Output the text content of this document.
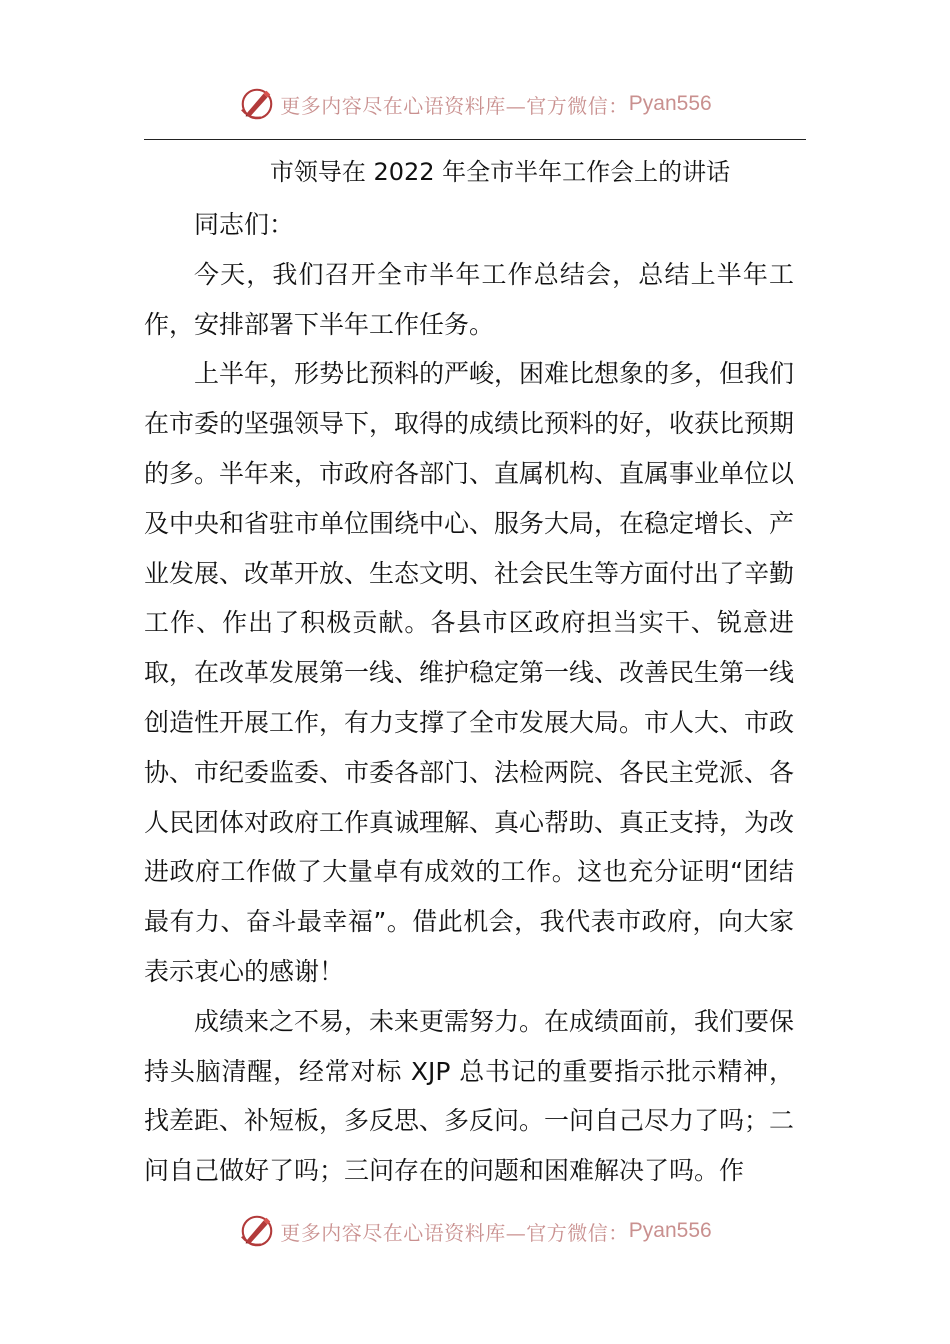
更多内容尽在心语资料库—官方微信： Pyan556
市领导在 2022 年全市半年工作会上的讲话

同志们：

今天，我们召开全市半年工作总结会，总结上半年工作，安排部署下半年工作任务。

上半年，形势比预料的严峻，困难比想象的多，但我们在市委的坚强领导下，取得的成绩比预料的好，收获比预期的多。半年来，市政府各部门、直属机构、直属事业单位以及中央和省驻市单位围绕中心、服务大局，在稳定增长、产业发展、改革开放、生态文明、社会民生等方面付出了辛勤工作、作出了积极贡献。各县市区政府担当实干、锐意进取，在改革发展第一线、维护稳定第一线、改善民生第一线创造性开展工作，有力支撑了全市发展大局。市人大、市政协、市纪委监委、市委各部门、法检两院、各民主党派、各人民团体对政府工作真诚理解、真心帮助、真正支持，为改进政府工作做了大量卓有成效的工作。这也充分证明“团结最有力、奋斗最幸福”。借此机会，我代表市政府，向大家表示衷心的感谢！

成绩来之不易，未来更需努力。在成绩面前，我们要保持头脑清醒，经常对标 XJP 总书记的重要指示批示精神，找差距、补短板，多反思、多反问。一问自己尽力了吗；二问自己做好了吗；三问存在的问题和困难解决了吗。作

更多内容尽在心语资料库—官方微信： Pyan556
